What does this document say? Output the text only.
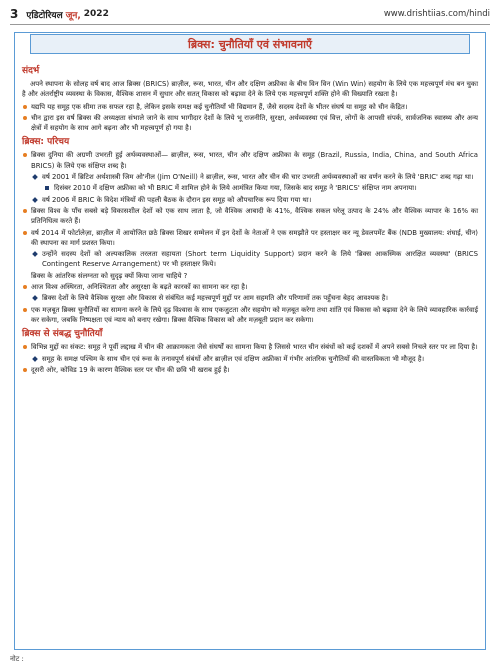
3 एडिटोरियल जून, 2022	www.drishtiias.com/hindi
ब्रिक्स: चुनौतियाँ एवं संभावनाएँ
संदर्भ

अपने स्थापना के सोलह वर्ष बाद आज ब्रिक्स (BRICS) ब्राज़ील, रूस, भारत, चीन और दक्षिण अफ्रीका के बीच विन विन (Win Win) सहयोग के लिये एक महत्त्वपूर्ण मंच बन चुका है और अंतर्राष्ट्रीय व्यवस्था के विकास, वैश्विक शासन में सुधार और सतत् विकास को बढ़ावा देने के लिये एक महत्त्वपूर्ण शक्ति होने की विख्याति रखता है।

यद्यपि यह समूह एक सीमा तक सफल रहा है, लेकिन इसके समक्ष कई चुनौतियाँ भी विद्यमान हैं, जैसे सदस्य देशों के भीतर संघर्ष या समूह को चीन केंद्रित।
चीन द्वारा इस वर्ष ब्रिक्स की अध्यक्षता संभाले जाने के साथ भागीदार देशों के लिये भू राजनीति, सुरक्षा, अर्थव्यवस्था एवं वित्त, लोगों के आपसी संपर्क, सार्वजनिक स्वास्थ्य और अन्य क्षेत्रों में सहयोग के साथ आगे बढ़ना और भी महत्त्वपूर्ण हो गया है।
ब्रिक्स: परिचय
ब्रिक्स दुनिया की अग्रणी उभरती हुई अर्थव्यवस्थाओं— ब्राज़ील, रूस, भारत, चीन और दक्षिण अफ्रीका के समूह (Brazil, Russia, India, China, and South Africa BRICS) के लिये एक संक्षिप्त शब्द है।
वर्ष 2001 में ब्रिटिश अर्थशास्त्री जिम ओ'नील (Jim O'Neill) ने ब्राज़ील, रूस, भारत और चीन की चार उभरती अर्थव्यवस्थाओं का वर्णन करने के लिये 'BRIC' शब्द गढ़ा था।
दिसंबर 2010 में दक्षिण अफ्रीका को भी BRIC में शामिल होने के लिये आमंत्रित किया गया, जिसके बाद समूह ने 'BRICS' संक्षिप्त नाम अपनाया।
वर्ष 2006 में BRIC के विदेश मंत्रियों की पहली बैठक के दौरान इस समूह को औपचारिक रूप दिया गया था।
ब्रिक्स विश्व के पाँच सबसे बड़े विकासशील देशों को एक साथ लाता है, जो वैश्विक आबादी के 41%, वैश्विक सकल घरेलू उत्पाद के 24% और वैश्विक व्यापार के 16% का प्रतिनिधित्व करते हैं।
वर्ष 2014 में फोर्टालेज़ा, ब्राज़ील में आयोजित छठे ब्रिक्स शिखर सम्मेलन में इन देशों के नेताओं ने एक समझौते पर हस्ताक्षर कर न्यू डेवलपमेंट बैंक (NDB मुख्यालय: शंघाई, चीन) की स्थापना का मार्ग प्रशस्त किया।
उन्होंने सदस्य देशों को अल्पकालिक तरलता सहायता (Short term Liquidity Support) प्रदान करने के लिये 'ब्रिक्स आकस्मिक आरक्षित व्यवस्था' (BRICS Contingent Reserve Arrangement) पर भी हस्ताक्षर किये।
ब्रिक्स के आंतरिक संलग्नता को सुदृढ़ क्यों किया जाना चाहिये ?
आज विश्व अस्थिरता, अनिश्चितता और असुरक्षा के बढ़ते कारकों का सामना कर रहा है।
ब्रिक्स देशों के लिये वैश्विक सुरक्षा और विकास से संबंधित कई महत्त्वपूर्ण मुद्दों पर आम सहमति और परिणामों तक पहुँचना बेहद आवश्यक है।
एक मज़बूत ब्रिक्स चुनौतियों का सामना करने के लिये दृढ़ विश्वास के साथ एकजुटता और सहयोग को मज़बूत करेगा तथा शांति एवं विकास को बढ़ावा देने के लिये व्यावहारिक कार्रवाई कर सकेगा, जबकि निष्पक्षता एवं न्याय को बनाए रखेगा। ब्रिक्स वैश्विक विकास को और मज़बूती प्रदान कर सकेगा।
ब्रिक्स से संबद्ध चुनौतियाँ
विभिन्न मुद्दों का संकट: समूह ने पूर्वी लद्दाख में चीन की आक्रामकता जैसे संघर्षों का सामना किया है जिससे भारत चीन संबंधों को कई दशकों में अपने सबसे निचले स्तर पर ला दिया है।
समूह के समक्ष पश्चिम के साथ चीन एवं रूस के तनावपूर्ण संबंधों और ब्राज़ील एवं दक्षिण अफ्रीका में गंभीर आंतरिक चुनौतियों की वास्तविकता भी मौजूद है।
दूसरी ओर, कोविड 19 के कारण वैश्विक स्तर पर चीन की छवि भी खराब हुई है।
नोट :
